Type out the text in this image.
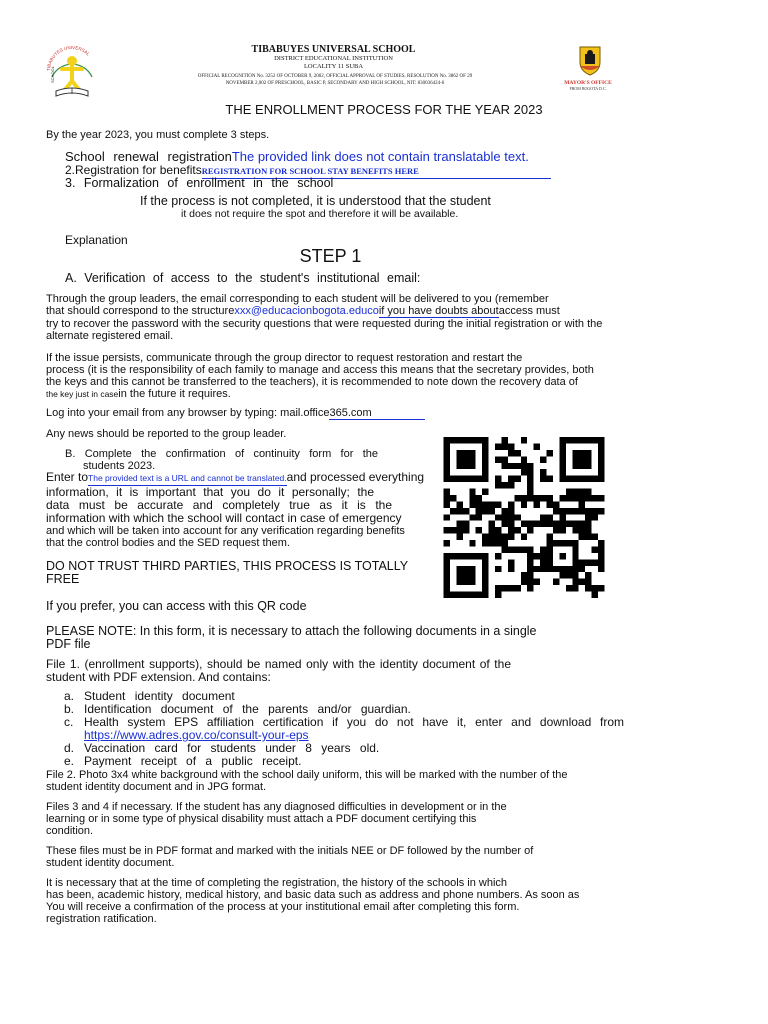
TIBABUYES UNIVERSAL
SCHOOL
TIBABUYES UNIVERSAL SCHOOL
DISTRICT EDUCATIONAL INSTITUTION
LOCALITY 11 SUBA
OFFICIAL RECOGNITION No. 3252 OF OCTOBER 9, 2002, OFFICIAL APPROVAL OF STUDIES, RESOLUTION No. 3862 OF 29
NOVEMBER 2,002 OF PRESCHOOL, BASIC P, SECONDARY AND HIGH SCHOOL, NIT: 830036424-6	MAYOR'S OFFICE
FROM BOGOTA D.C.
THE ENROLLMENT PROCESS FOR THE YEAR 2023
By the year 2023, you must complete 3 steps.
School renewal registrationThe provided link does not contain translatable text.
2.Registration for benefitsREGISTRATION FOR SCHOOL STAY BENEFITS HERE
3. Formalization of enrollment in the school
If the process is not completed, it is understood that the student
it does not require the spot and therefore it will be available.
Explanation
STEP 1
A. Verification of access to the student's institutional email:
Through the group leaders, the email corresponding to each student will be delivered to you (remember
that should correspond to the structurexxx@educacionbogota.educoif you have doubts aboutaccess must
try to recover the password with the security questions that were requested during the initial registration or with the
alternate registered email.
If the issue persists, communicate through the group director to request restoration and restart the
process (it is the responsibility of each family to manage and access this means that the secretary provides, both
the keys and this cannot be transferred to the teachers), it is recommended to note down the recovery data of
the key just in casein the future it requires.
Log into your email from any browser by typing: mail.office365.com
Any news should be reported to the group leader.
B. Complete the confirmation of continuity form for the
students 2023.
Enter toThe provided text is a URL and cannot be translated.and processed everything
information, it is important that you do it personally; the
data must be accurate and completely true as it is the
information with which the school will contact in case of emergency
and which will be taken into account for any verification regarding benefits
that the control bodies and the SED request them.
DO NOT TRUST THIRD PARTIES, THIS PROCESS IS TOTALLY
FREE
If you prefer, you can access with this QR code
PLEASE NOTE: In this form, it is necessary to attach the following documents in a single
PDF file
File 1. (enrollment supports), should be named only with the identity document of the
student with PDF extension. And contains:
a. Student identity document
b. Identification document of the parents and/or guardian.
c. Health system EPS affiliation certification if you do not have it, enter and download from
https://www.adres.gov.co/consult-your-eps
d. Vaccination card for students under 8 years old.
e. Payment receipt of a public receipt.
File 2. Photo 3x4 white background with the school daily uniform, this will be marked with the number of the
student identity document and in JPG format.
Files 3 and 4 if necessary. If the student has any diagnosed difficulties in development or in the
learning or in some type of physical disability must attach a PDF document certifying this
condition.
These files must be in PDF format and marked with the initials NEE or DF followed by the number of
student identity document.
It is necessary that at the time of completing the registration, the history of the schools in which
has been, academic history, medical history, and basic data such as address and phone numbers. As soon as
You will receive a confirmation of the process at your institutional email after completing this form.
registration ratification.
